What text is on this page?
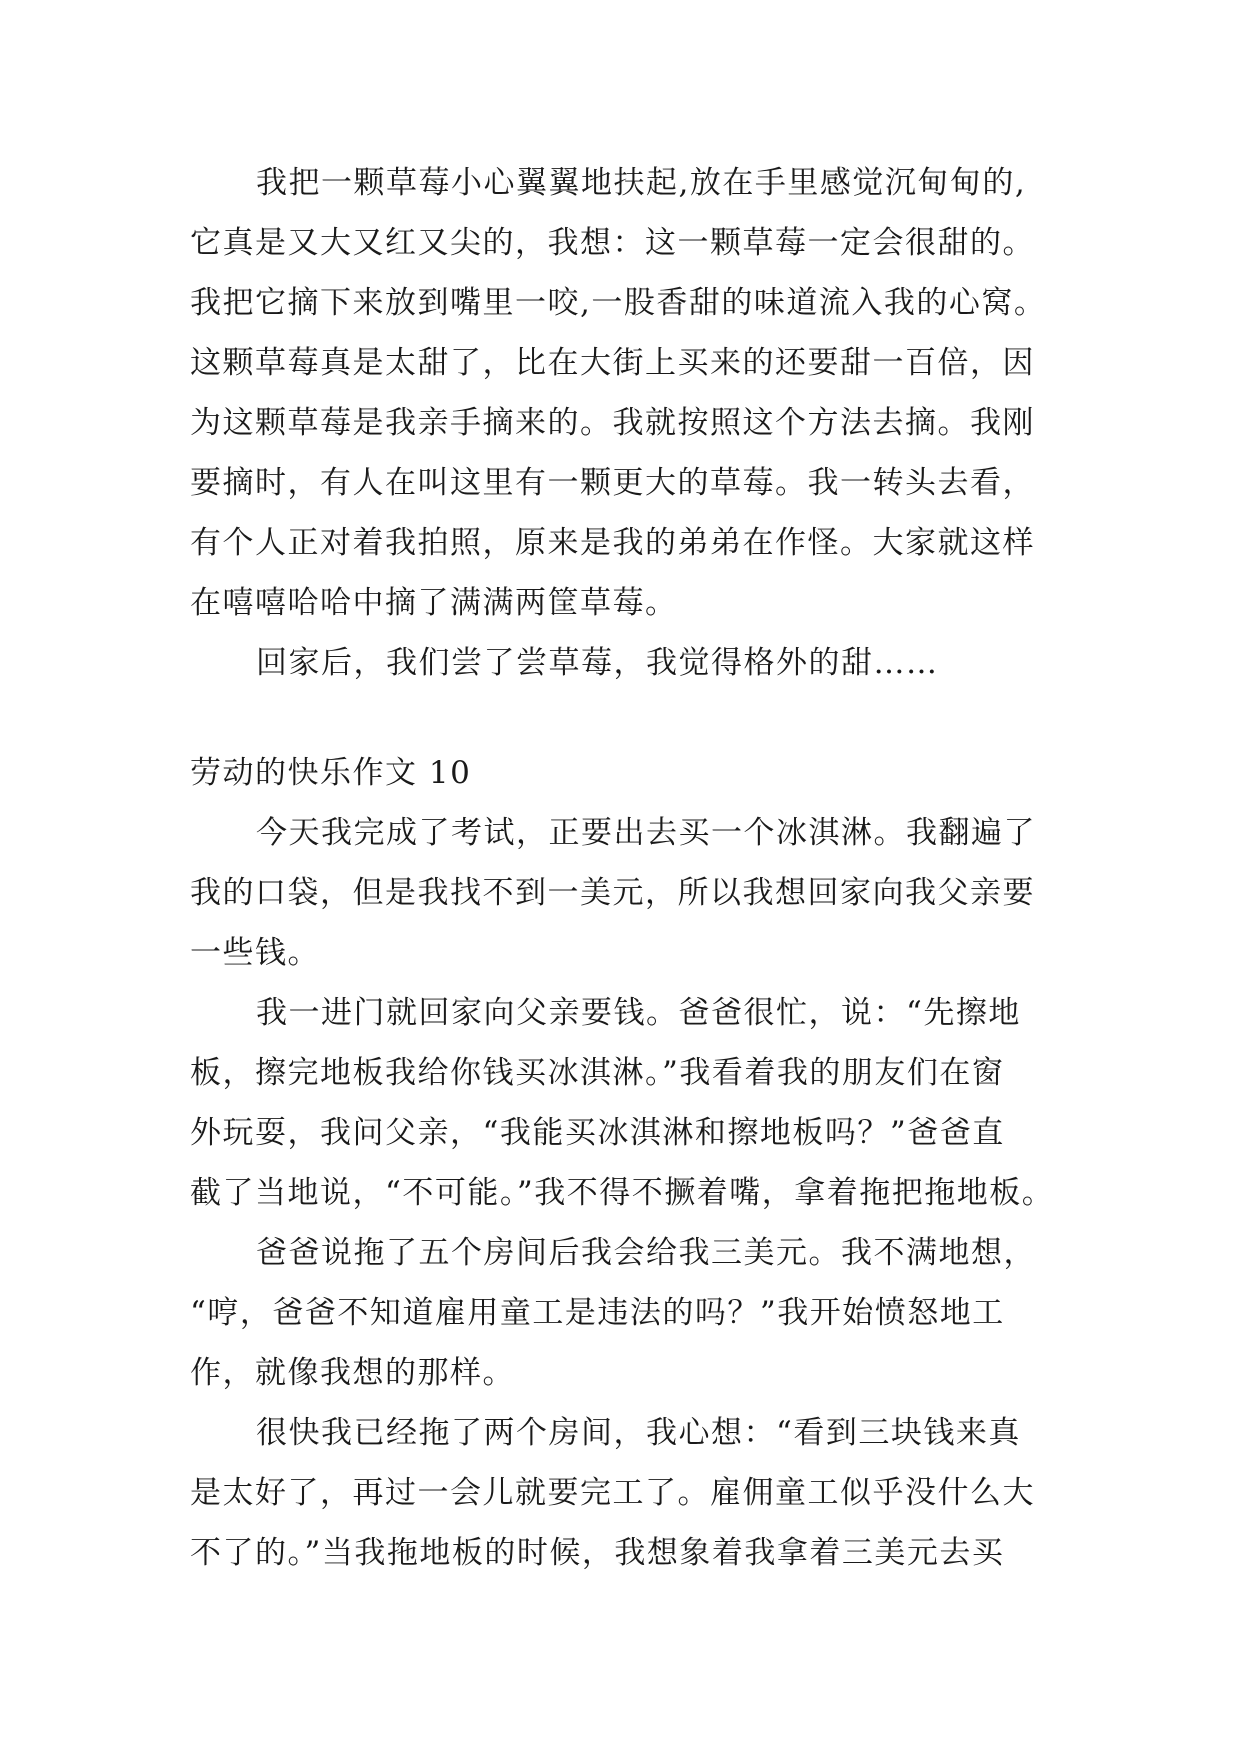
我把一颗草莓小心翼翼地扶起,放在手里感觉沉甸甸的,
它真是又大又红又尖的，我想：这一颗草莓一定会很甜的。
我把它摘下来放到嘴里一咬,一股香甜的味道流入我的心窝。
这颗草莓真是太甜了，比在大街上买来的还要甜一百倍，因
为这颗草莓是我亲手摘来的。我就按照这个方法去摘。我刚
要摘时，有人在叫这里有一颗更大的草莓。我一转头去看，
有个人正对着我拍照，原来是我的弟弟在作怪。大家就这样
在嘻嘻哈哈中摘了满满两筐草莓。
回家后，我们尝了尝草莓，我觉得格外的甜……
劳动的快乐作文 10
今天我完成了考试，正要出去买一个冰淇淋。我翻遍了
我的口袋，但是我找不到一美元，所以我想回家向我父亲要
一些钱。
我一进门就回家向父亲要钱。爸爸很忙，说：“先擦地
板，擦完地板我给你钱买冰淇淋。”我看着我的朋友们在窗
外玩耍，我问父亲，“我能买冰淇淋和擦地板吗？”爸爸直
截了当地说，“不可能。”我不得不撅着嘴，拿着拖把拖地板。
爸爸说拖了五个房间后我会给我三美元。我不满地想，
“哼，爸爸不知道雇用童工是违法的吗？”我开始愤怒地工
作，就像我想的那样。
很快我已经拖了两个房间，我心想：“看到三块钱来真
是太好了，再过一会儿就要完工了。雇佣童工似乎没什么大
不了的。”当我拖地板的时候，我想象着我拿着三美元去买
